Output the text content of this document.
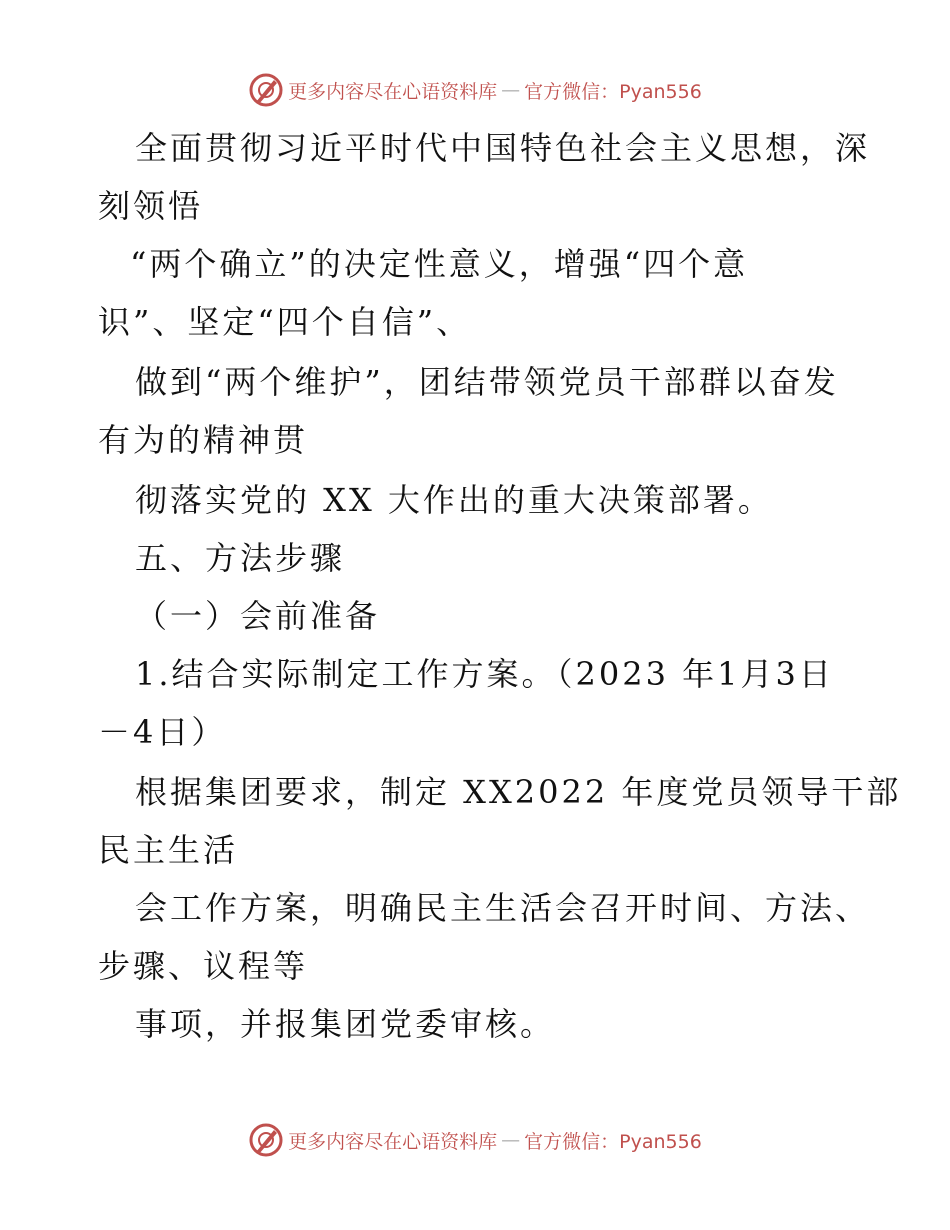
更多内容尽在心语资料库 — 官方微信：Pyan556
全面贯彻习近平时代中国特色社会主义思想，深
刻领悟
“两个确立”的决定性意义，增强“四个意
识”、坚定“四个自信”、
做到“两个维护”，团结带领党员干部群以奋发
有为的精神贯
彻落实党的 XX 大作出的重大决策部署。
五、方法步骤
（一）会前准备
1.结合实际制定工作方案。（2023 年1月3日
－4日）
根据集团要求，制定 XX2022 年度党员领导干部
民主生活
会工作方案，明确民主生活会召开时间、方法、
步骤、议程等
事项，并报集团党委审核。
更多内容尽在心语资料库 — 官方微信：Pyan556
